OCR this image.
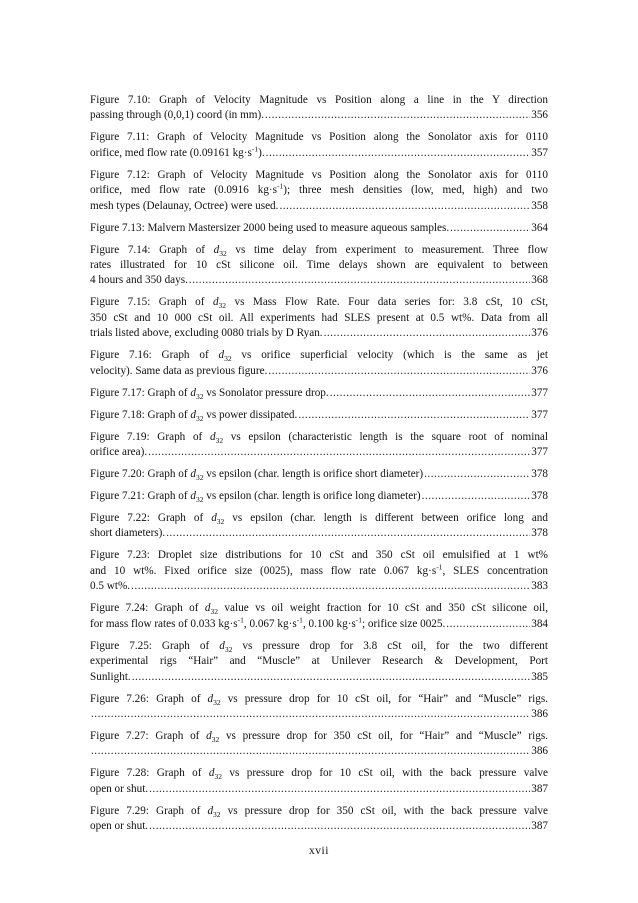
Figure 7.10: Graph of Velocity Magnitude vs Position along a line in the Y direction
passing through (0,0,1) coord (in mm). .....	356
Figure 7.11: Graph of Velocity Magnitude vs Position along the Sonolator axis for 0110
orifice, med flow rate (0.09161 $kg\cdot s^{-1}$). .....	357
Figure 7.12: Graph of Velocity Magnitude vs Position along the Sonolator axis for 0110
orifice, med flow rate (0.0916 $kg\cdot s^{-1}$); three mesh densities (low, med, high) and two
mesh types (Delaunay, Octree) were used. .....	358
Figure 7.13: Malvern Mastersizer 2000 being used to measure aqueous samples. .....	364
Figure 7.14: Graph of $d_{32}$ vs time delay from experiment to measurement. Three flow
rates illustrated for 10 cSt silicone oil. Time delays shown are equivalent to between
4 hours and 350 days. .....	368
Figure 7.15: Graph of $d_{32}$ vs Mass Flow Rate. Four data series for: 3.8 cSt, 10 cSt,
350 cSt and 10 000 cSt oil. All experiments had SLES present at 0.5 wt%. Data from all
trials listed above, excluding 0080 trials by D Ryan. .....	376
Figure 7.16: Graph of $d_{32}$ vs orifice superficial velocity (which is the same as jet
velocity). Same data as previous figure. .....	376
Figure 7.17: Graph of $d_{32}$ vs Sonolator pressure drop. .....	377
Figure 7.18: Graph of $d_{32}$ vs power dissipated. .....	377
Figure 7.19: Graph of $d_{32}$ vs epsilon (characteristic length is the square root of nominal
orifice area). .....	377
Figure 7.20: Graph of $d_{32}$ vs epsilon (char. length is orifice short diameter) .....	378
Figure 7.21: Graph of $d_{32}$ vs epsilon (char. length is orifice long diameter) .....	378
Figure 7.22: Graph of $d_{32}$ vs epsilon (char. length is different between orifice long and
short diameters). .....	378
Figure 7.23: Droplet size distributions for 10 cSt and 350 cSt oil emulsified at 1 wt%
and 10 wt%. Fixed orifice size (0025), mass flow rate 0.067 $kg\cdot s^{-1}$, SLES concentration
0.5 wt%. .....	383
Figure 7.24: Graph of $d_{32}$ value vs oil weight fraction for 10 cSt and 350 cSt silicone oil,
for mass flow rates of 0.033 $kg\cdot s^{-1}$, 0.067 $kg\cdot s^{-1}$, 0.100 $kg\cdot s^{-1}$; orifice size 0025. .....	384
Figure 7.25: Graph of $d_{32}$ vs pressure drop for 3.8 cSt oil, for the two different
experimental rigs “Hair” and “Muscle” at Unilever Research & Development, Port
Sunlight. .....	385
Figure 7.26: Graph of $d_{32}$ vs pressure drop for 10 cSt oil, for “Hair” and “Muscle” rigs.
.....
386
Figure 7.27: Graph of $d_{32}$ vs pressure drop for 350 cSt oil, for “Hair” and “Muscle” rigs.
.....
386
Figure 7.28: Graph of $d_{32}$ vs pressure drop for 10 cSt oil, with the back pressure valve
open or shut. .....	387
Figure 7.29: Graph of $d_{32}$ vs pressure drop for 350 cSt oil, with the back pressure valve
open or shut. .....	387
xvii
